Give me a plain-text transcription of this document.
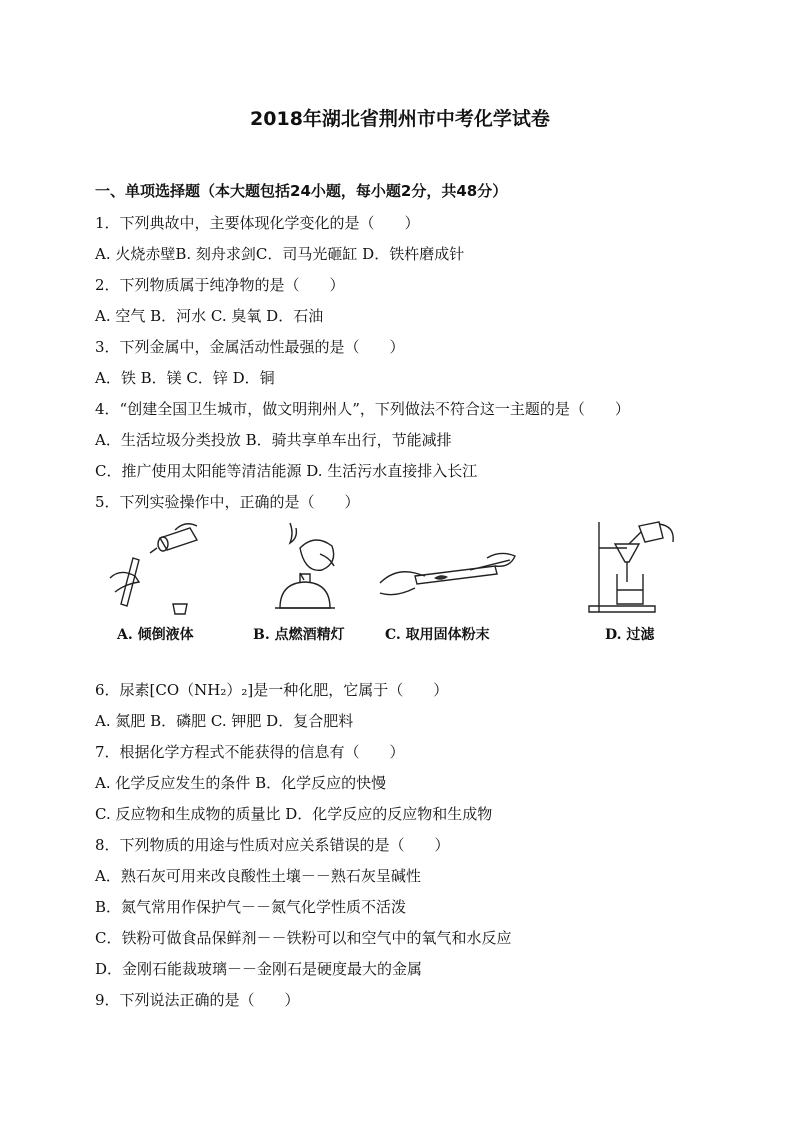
2018年湖北省荆州市中考化学试卷
一、单项选择题（本大题包括24小题，每小题2分，共48分）
1．下列典故中，主要体现化学变化的是（　　）
A. 火烧赤壁B. 刻舟求剑C．司马光砸缸 D．铁杵磨成针
2．下列物质属于纯净物的是（　　）
A. 空气 B．河水 C. 臭氧 D．石油
3．下列金属中，金属活动性最强的是（　　）
A．铁 B．镁 C．锌 D．铜
4．“创建全国卫生城市，做文明荆州人”，下列做法不符合这一主题的是（　　）
A．生活垃圾分类投放 B．骑共享单车出行，节能减排
C．推广使用太阳能等清洁能源 D. 生活污水直接排入长江
5．下列实验操作中，正确的是（　　）
A. 倾倒液体	B. 点燃酒精灯	C. 取用固体粉末	D. 过滤
6．尿素[CO（NH₂）₂]是一种化肥，它属于（　　）
A. 氮肥 B．磷肥 C. 钾肥 D．复合肥料
7．根据化学方程式不能获得的信息有（　　）
A. 化学反应发生的条件 B．化学反应的快慢
C. 反应物和生成物的质量比 D．化学反应的反应物和生成物
8．下列物质的用途与性质对应关系错误的是（　　）
A．熟石灰可用来改良酸性土壤－－熟石灰呈碱性
B．氮气常用作保护气－－氮气化学性质不活泼
C．铁粉可做食品保鲜剂－－铁粉可以和空气中的氧气和水反应
D．金刚石能裁玻璃－－金刚石是硬度最大的金属
9．下列说法正确的是（　　）
